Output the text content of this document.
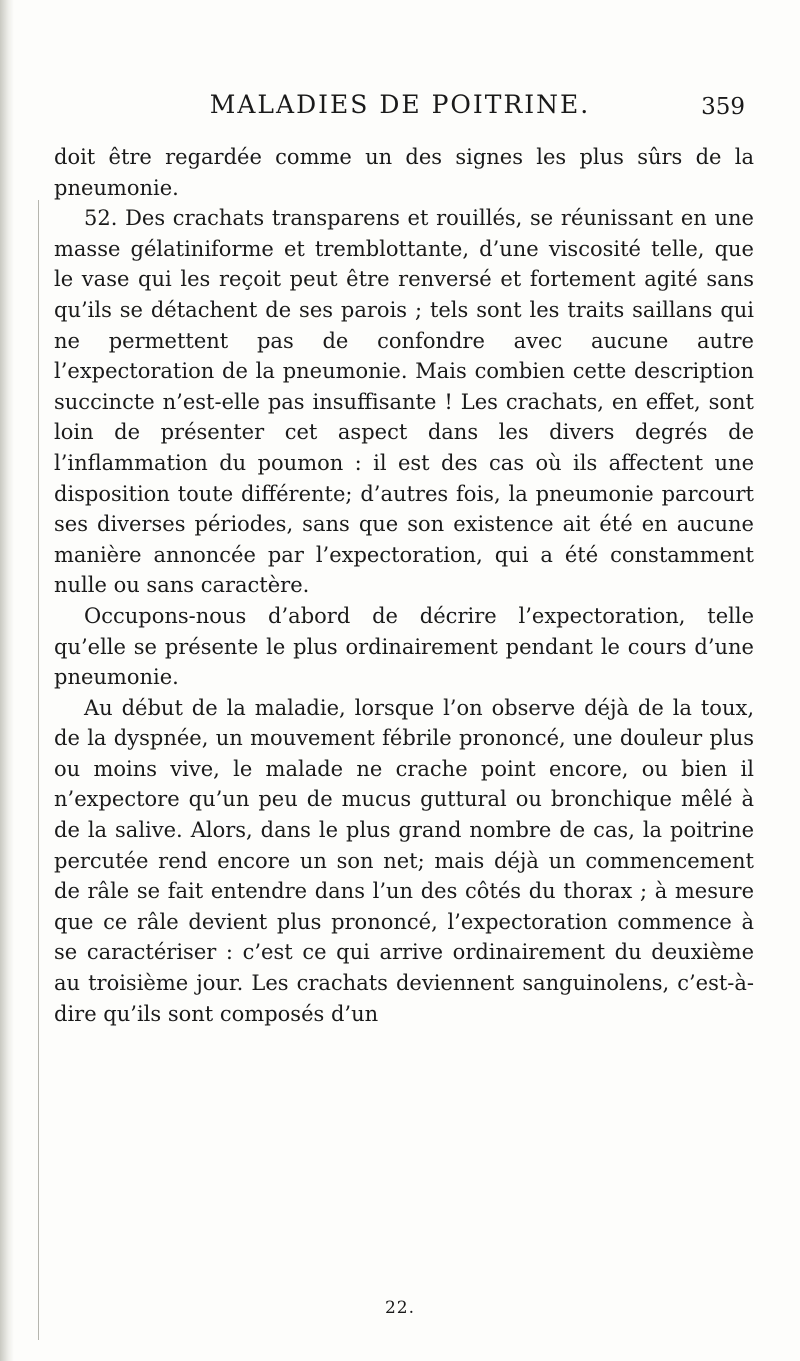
MALADIES DE POITRINE.	359

doit être regardée comme un des signes les plus sûrs de la pneumonie.

52. Des crachats transparens et rouillés, se réunissant en une masse gélatiniforme et tremblottante, d’une viscosité telle, que le vase qui les reçoit peut être renversé et fortement agité sans qu’ils se détachent de ses parois ; tels sont les traits saillans qui ne permettent pas de confondre avec aucune autre l’expectoration de la pneumonie. Mais combien cette description succincte n’est-elle pas insuffisante ! Les crachats, en effet, sont loin de présenter cet aspect dans les divers degrés de l’inflammation du poumon : il est des cas où ils affectent une disposition toute différente; d’autres fois, la pneumonie parcourt ses diverses périodes, sans que son existence ait été en aucune manière annoncée par l’expectoration, qui a été constamment nulle ou sans caractère.

Occupons-nous d’abord de décrire l’expectoration, telle qu’elle se présente le plus ordinairement pendant le cours d’une pneumonie.

Au début de la maladie, lorsque l’on observe déjà de la toux, de la dyspnée, un mouvement fébrile prononcé, une douleur plus ou moins vive, le malade ne crache point encore, ou bien il n’expectore qu’un peu de mucus guttural ou bronchique mêlé à de la salive. Alors, dans le plus grand nombre de cas, la poitrine percutée rend encore un son net; mais déjà un commencement de râle se fait entendre dans l’un des côtés du thorax ; à mesure que ce râle devient plus prononcé, l’expectoration commence à se caractériser : c’est ce qui arrive ordinairement du deuxième au troisième jour. Les crachats deviennent sanguinolens, c’est-à-dire qu’ils sont composés d’un

22.
